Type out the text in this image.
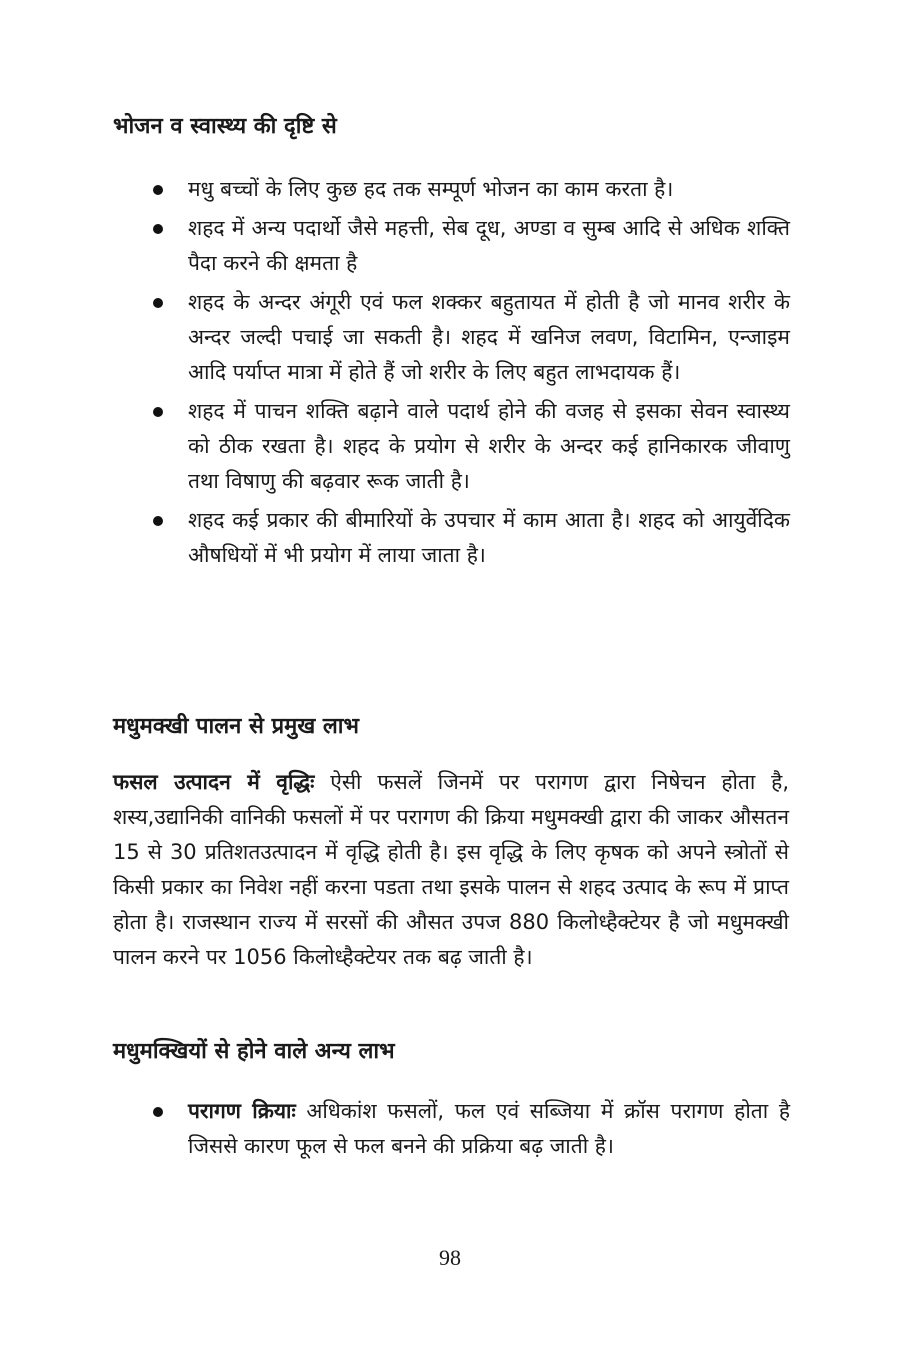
भोजन व स्वास्थ्य की दृष्टि से
मधु बच्चों के लिए कुछ हद तक सम्पूर्ण भोजन का काम करता है।
शहद में अन्य पदार्थो जैसे महत्ती, सेब दूध, अण्डा व सुम्ब आदि से अधिक शक्ति पैदा करने की क्षमता है
शहद के अन्दर अंगूरी एवं फल शक्कर बहुतायत में होती है जो मानव शरीर के अन्दर जल्दी पचाई जा सकती है। शहद में खनिज लवण, विटामिन, एन्जाइम आदि पर्याप्त मात्रा में होते हैं जो शरीर के लिए बहुत लाभदायक हैं।
शहद में पाचन शक्ति बढ़ाने वाले पदार्थ होने की वजह से इसका सेवन स्वास्थ्य को ठीक रखता है। शहद के प्रयोग से शरीर के अन्दर कई हानिकारक जीवाणु तथा विषाणु की बढ़वार रूक जाती है।
शहद कई प्रकार की बीमारियों के उपचार में काम आता है। शहद को आयुर्वेदिक औषधियों में भी प्रयोग में लाया जाता है।
मधुमक्खी पालन से प्रमुख लाभ

फसल उत्पादन में वृद्धिः ऐसी फसलें जिनमें पर परागण द्वारा निषेचन होता है, शस्य,उद्यानिकी वानिकी फसलों में पर परागण की क्रिया मधुमक्खी द्वारा की जाकर औसतन 15 से 30 प्रतिशतउत्पादन में वृद्धि होती है। इस वृद्धि के लिए कृषक को अपने स्त्रोतों से किसी प्रकार का निवेश नहीं करना पडता तथा इसके पालन से शहद उत्पाद के रूप में प्राप्त होता है। राजस्थान राज्य में सरसों की औसत उपज 880 किलोध्हैक्टेयर है जो मधुमक्खी पालन करने पर 1056 किलोध्हैक्टेयर तक बढ़ जाती है।

मधुमक्खियों से होने वाले अन्य लाभ
परागण क्रियाः अधिकांश फसलों, फल एवं सब्जिया में क्रॉस परागण होता है जिससे कारण फूल से फल बनने की प्रक्रिया बढ़ जाती है।
98
